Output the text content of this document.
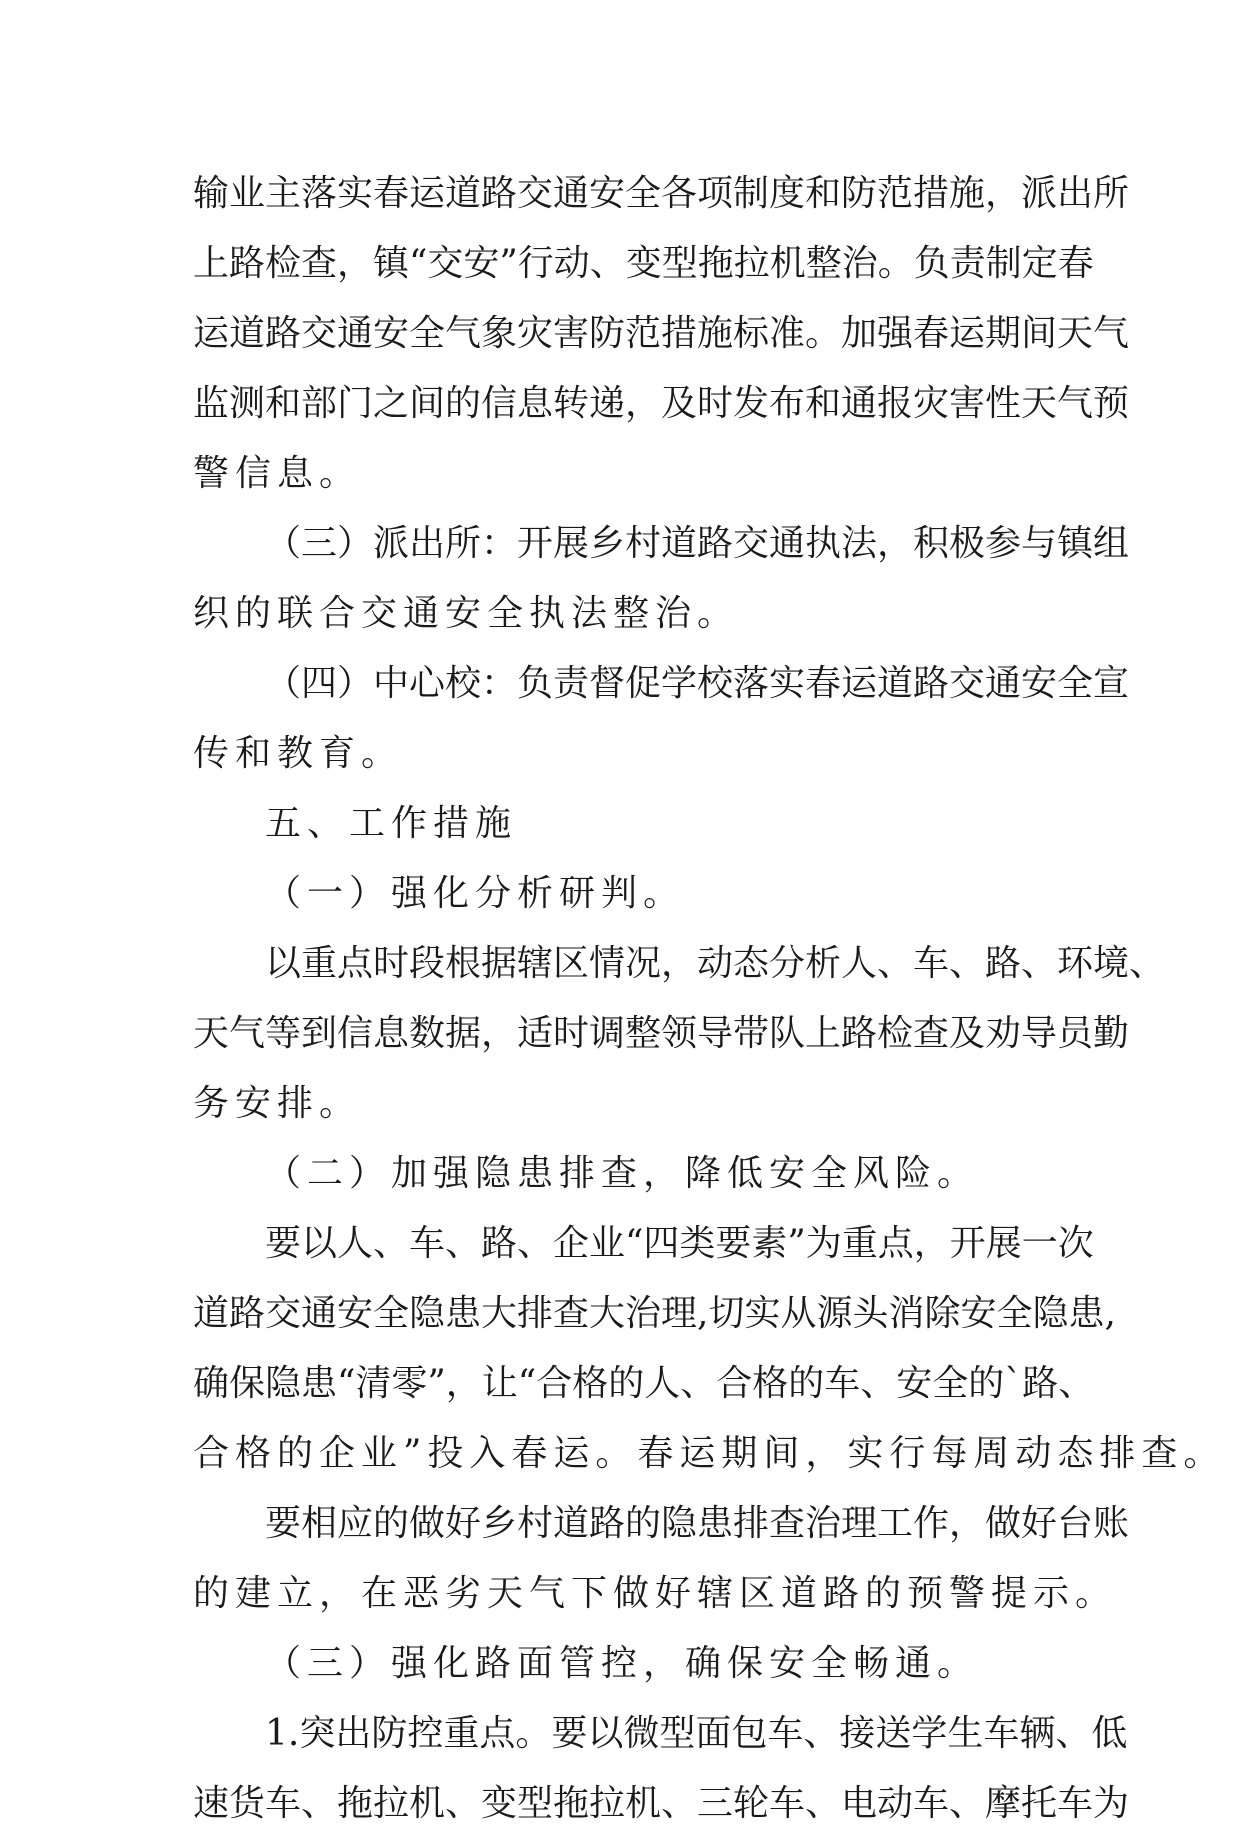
输业主落实春运道路交通安全各项制度和防范措施，派出所
上路检查，镇“交安”行动、变型拖拉机整治。负责制定春
运道路交通安全气象灾害防范措施标准。加强春运期间天气
监测和部门之间的信息转递，及时发布和通报灾害性天气预
警信息。
（三）派出所：开展乡村道路交通执法，积极参与镇组
织的联合交通安全执法整治。
（四）中心校：负责督促学校落实春运道路交通安全宣
传和教育。
五、工作措施
（一）强化分析研判。
以重点时段根据辖区情况，动态分析人、车、路、环境、
天气等到信息数据，适时调整领导带队上路检查及劝导员勤
务安排。
（二）加强隐患排查，降低安全风险。
要以人、车、路、企业“四类要素”为重点，开展一次
道路交通安全隐患大排查大治理,切实从源头消除安全隐患,
确保隐患“清零”，让“合格的人、合格的车、安全的`路、
合格的企业”投入春运。春运期间，实行每周动态排查。
要相应的做好乡村道路的隐患排查治理工作，做好台账
的建立，在恶劣天气下做好辖区道路的预警提示。
（三）强化路面管控，确保安全畅通。
1.突出防控重点。要以微型面包车、接送学生车辆、低
速货车、拖拉机、变型拖拉机、三轮车、电动车、摩托车为
